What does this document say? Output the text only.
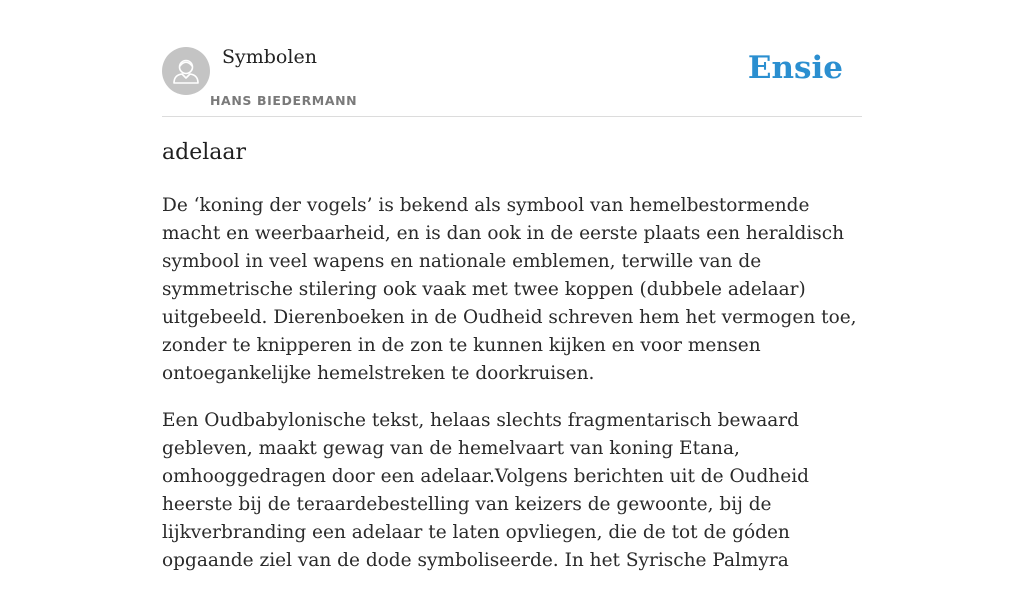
Symbolen
HANS BIEDERMANN
Ensie
adelaar

De ‘koning der vogels’ is bekend als symbool van hemelbestormende macht en weerbaarheid, en is dan ook in de eerste plaats een heraldisch symbool in veel wapens en nationale emblemen, terwille van de symmetrische stilering ook vaak met twee koppen (dubbele adelaar) uitgebeeld. Dierenboeken in de Oudheid schreven hem het vermogen toe, zonder te knipperen in de zon te kunnen kijken en voor mensen ontoegankelijke hemelstreken te doorkruisen.

Een Oudbabylonische tekst, helaas slechts fragmentarisch bewaard gebleven, maakt gewag van de hemelvaart van koning Etana, omhooggedragen door een adelaar.Volgens berichten uit de Oudheid heerste bij de teraardebestelling van keizers de gewoonte, bij de lijkverbranding een adelaar te laten opvliegen, die de tot de góden opgaande ziel van de dode symboliseerde. In het Syrische Palmyra
